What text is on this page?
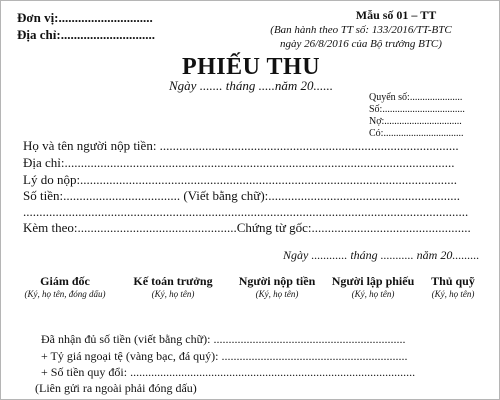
Đơn vị:.............................
Địa chỉ:.............................
Mẫu số 01 – TT
(Ban hành theo TT số: 133/2016/TT-BTC
ngày 26/8/2016 của Bộ trưởng BTC)
PHIẾU THU
Ngày ....... tháng .....năm 20......
Quyển số:.....................
Số:.................................
Nợ:...............................
Có:................................
Họ và tên người nộp tiền: ............................................................................................
Địa chỉ:........................................................................................................................
Lý do nộp:....................................................................................................................
Số tiền:.................................... (Viết bằng chữ):...........................................................
.........................................................................................................................................
Kèm theo:.................................................Chứng từ gốc:.................................................
Ngày ............ tháng ........... năm 20.........
Giám đốc
(Ký, họ tên, đóng dấu)
Kế toán trưởng
(Ký, họ tên)
Người nộp tiền
(Ký, họ tên)
Người lập phiếu
(Ký, họ tên)
Thủ quỹ
(Ký, họ tên)
Đã nhận đủ số tiền (viết bằng chữ): ................................................................
+ Tỷ giá ngoại tệ (vàng bạc, đá quý): ..............................................................
+ Số tiền quy đổi: ...............................................................................................
(Liên gửi ra ngoài phải đóng dấu)
